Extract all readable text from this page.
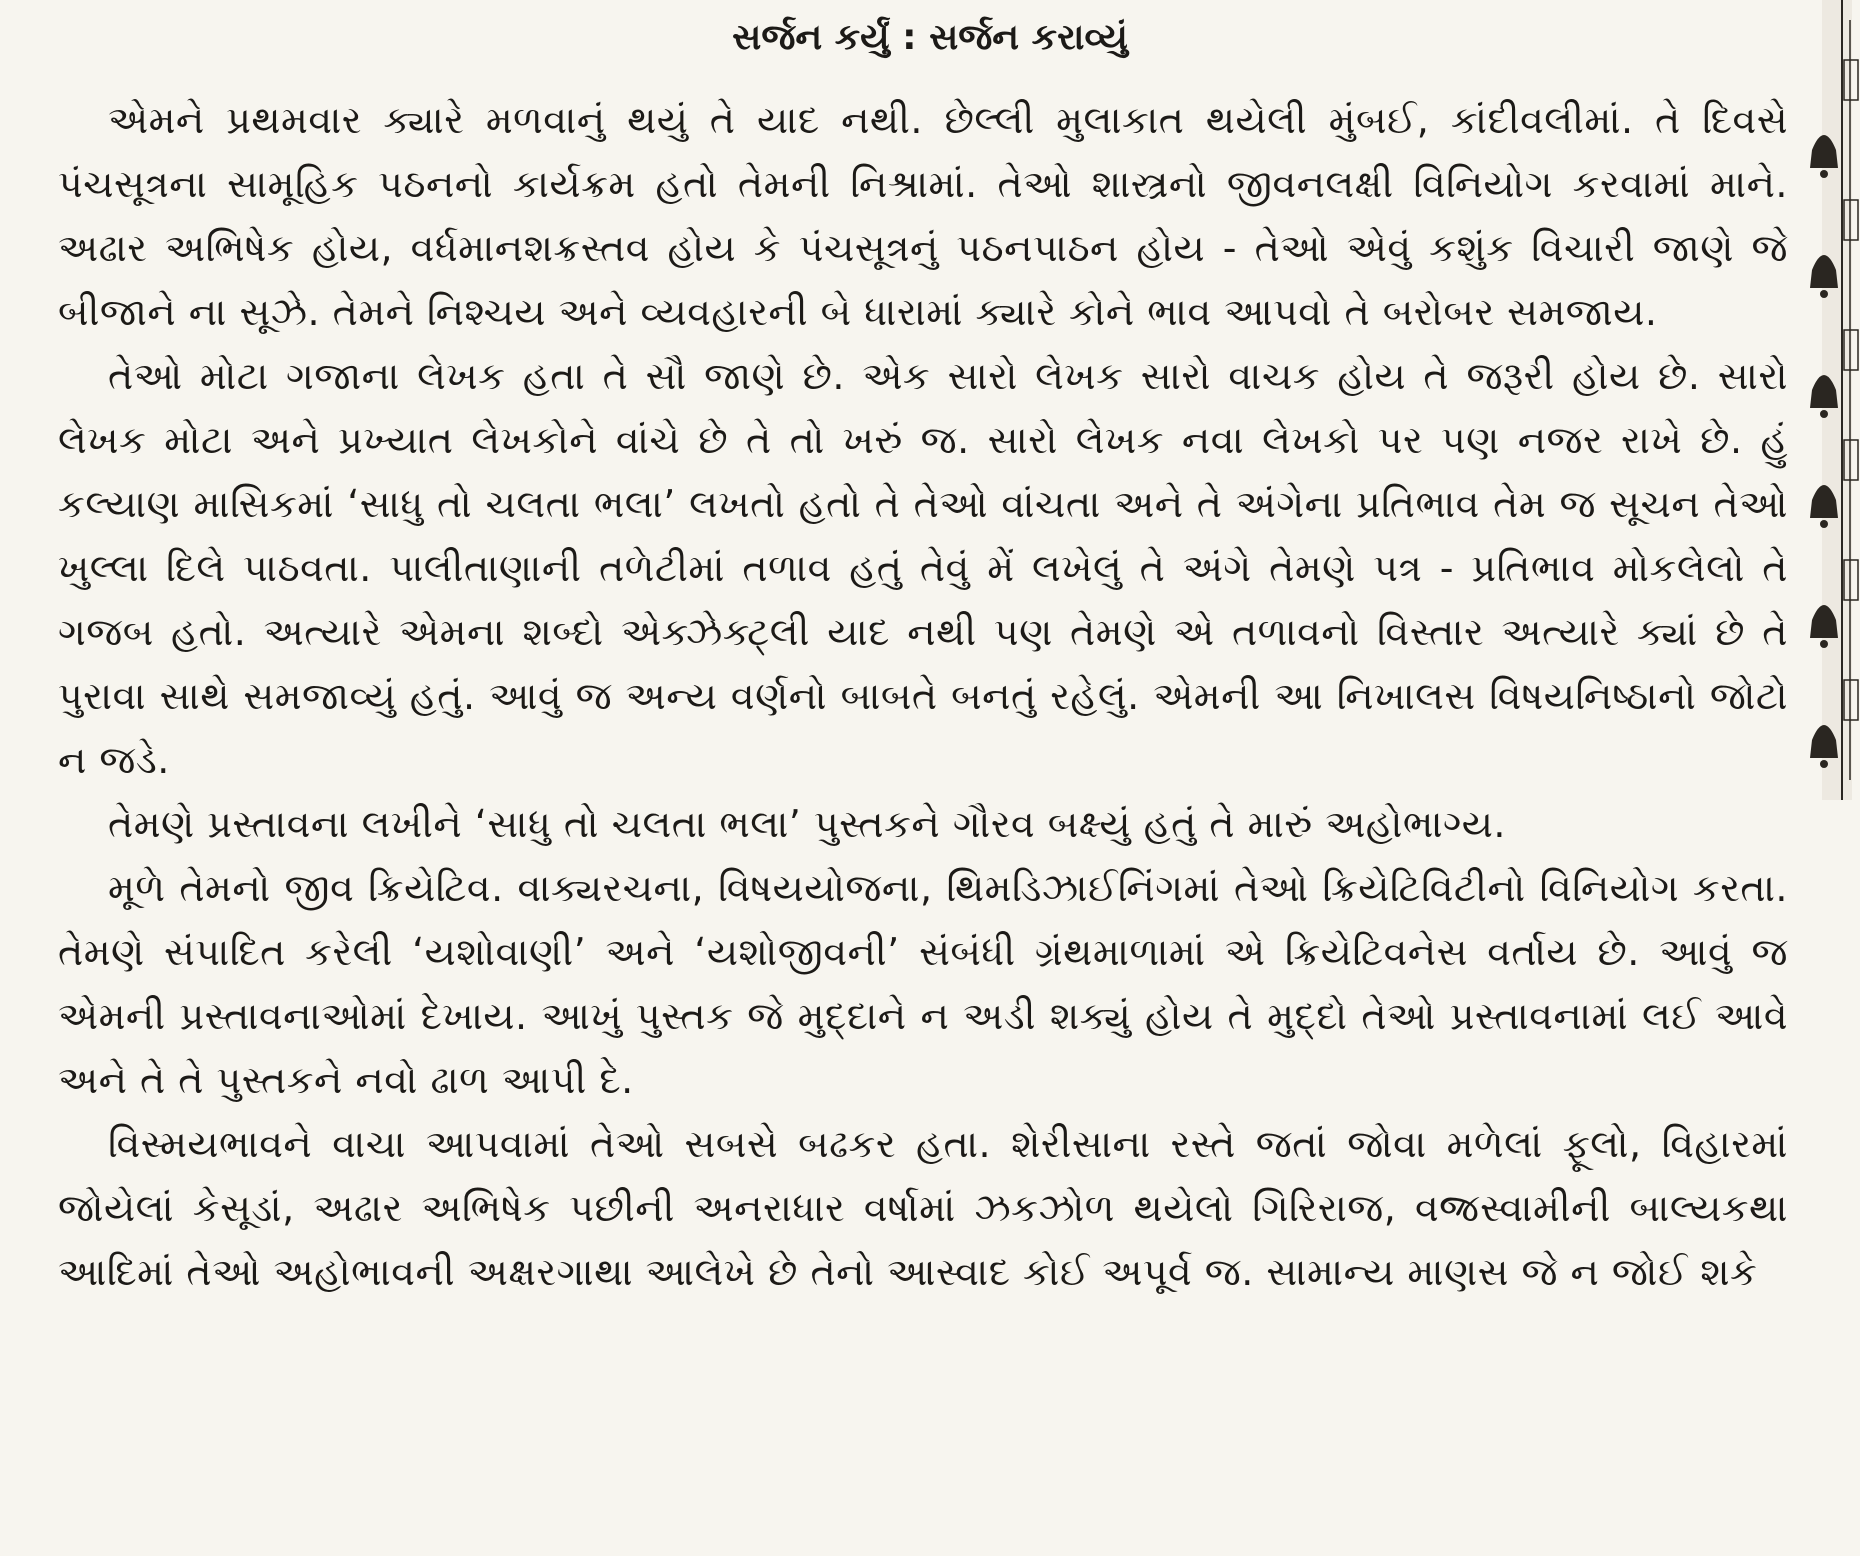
સર્જન કર્યું : સર્જન કરાવ્યું

એમને પ્રથમવાર ક્યારે મળવાનું થયું તે યાદ નથી. છેલ્લી મુલાકાત થયેલી મુંબઈ, કાંદીવલીમાં. તે દિવસે પંચસૂત્રના સામૂહિક પઠનનો કાર્યક્રમ હતો તેમની નિશ્રામાં. તેઓ શાસ્ત્રનો જીવનલક્ષી વિનિયોગ કરવામાં માને. અઢાર અભિષેક હોય, વર્ધમાનશક્રસ્તવ હોય કે પંચસૂત્રનું પઠનપાઠન હોય - તેઓ એવું કશુંક વિચારી જાણે જે બીજાને ના સૂઝે. તેમને નિશ્ચય અને વ્યવહારની બે ધારામાં ક્યારે કોને ભાવ આપવો તે બરોબર સમજાય.

તેઓ મોટા ગજાના લેખક હતા તે સૌ જાણે છે. એક સારો લેખક સારો વાચક હોય તે જરૂરી હોય છે. સારો લેખક મોટા અને પ્રખ્યાત લેખકોને વાંચે છે તે તો ખરું જ. સારો લેખક નવા લેખકો પર પણ નજર રાખે છે. હું કલ્યાણ માસિકમાં ‘સાધુ તો ચલતા ભલા’ લખતો હતો તે તેઓ વાંચતા અને તે અંગેના પ્રતિભાવ તેમ જ સૂચન તેઓ ખુલ્લા દિલે પાઠવતા. પાલીતાણાની તળેટીમાં તળાવ હતું તેવું મેં લખેલું તે અંગે તેમણે પત્ર - પ્રતિભાવ મોકલેલો તે ગજબ હતો. અત્યારે એમના શબ્દો એક્ઝેક્ટ્લી યાદ નથી પણ તેમણે એ તળાવનો વિસ્તાર અત્યારે ક્યાં છે તે પુરાવા સાથે સમજાવ્યું હતું. આવું જ અન્ય વર્ણનો બાબતે બનતું રહેલું. એમની આ નિખાલસ વિષયનિષ્ઠાનો જોટો ન જડે.

તેમણે પ્રસ્તાવના લખીને ‘સાધુ તો ચલતા ભલા’ પુસ્તકને ગૌરવ બક્ષ્યું હતું તે મારું અહોભાગ્ય.

મૂળે તેમનો જીવ ક્રિયેટિવ. વાક્યરચના, વિષયયોજના, થિમડિઝાઈનિંગમાં તેઓ ક્રિયેટિવિટીનો વિનિયોગ કરતા. તેમણે સંપાદિત કરેલી ‘યશોવાણી’ અને ‘યશોજીવની’ સંબંધી ગ્રંથમાળામાં એ ક્રિયેટિવનેસ વર્તાય છે. આવું જ એમની પ્રસ્તાવનાઓમાં દેખાય. આખું પુસ્તક જે મુદ્દાને ન અડી શક્યું હોય તે મુદ્દો તેઓ પ્રસ્તાવનામાં લઈ આવે અને તે તે પુસ્તકને નવો ઢાળ આપી દે.

વિસ્મયભાવને વાચા આપવામાં તેઓ સબસે બઢકર હતા. શેરીસાના રસ્તે જતાં જોવા મળેલાં ફૂલો, વિહારમાં જોયેલાં કેસૂડાં, અઢાર અભિષેક પછીની અનરાધાર વર્ષામાં ઝકઝોળ થયેલો ગિરિરાજ, વજ્રસ્વામીની બાલ્યકથા આદિમાં તેઓ અહોભાવની અક્ષરગાથા આલેખે છે તેનો આસ્વાદ કોઈ અપૂર્વ જ. સામાન્ય માણસ જે ન જોઈ શકે
